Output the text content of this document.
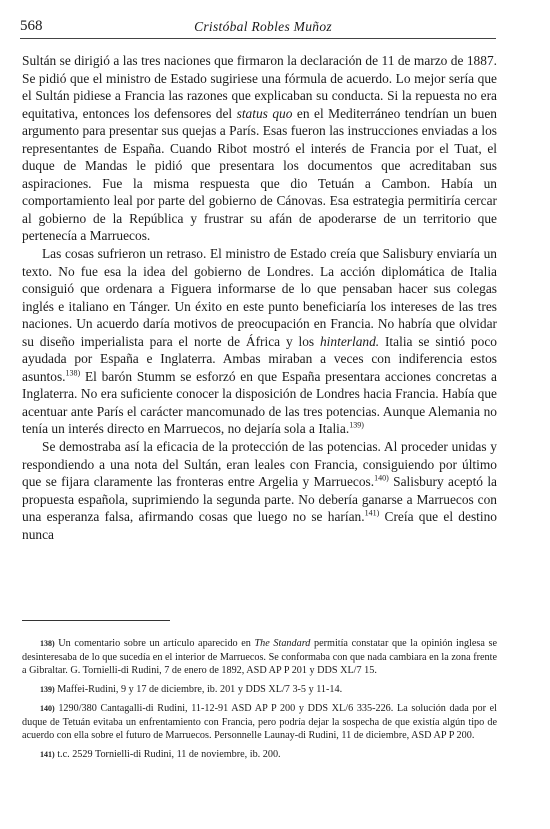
568	Cristóbal Robles Muñoz

Sultán se dirigió a las tres naciones que firmaron la declaración de 11 de marzo de 1887. Se pidió que el ministro de Estado sugiriese una fórmula de acuerdo. Lo mejor sería que el Sultán pidiese a Francia las razones que explicaban su conducta. Si la repuesta no era equitativa, entonces los defensores del status quo en el Mediterráneo tendrían un buen argumento para presentar sus quejas a París. Esas fueron las instrucciones enviadas a los representantes de España. Cuando Ribot mostró el interés de Francia por el Tuat, el duque de Mandas le pidió que presentara los documentos que acreditaban sus aspiraciones. Fue la misma respuesta que dio Tetuán a Cambon. Había un comportamiento leal por parte del gobierno de Cánovas. Esa estrategia permitiría cercar al gobierno de la República y frustrar su afán de apoderarse de un territorio que pertenecía a Marruecos.

Las cosas sufrieron un retraso. El ministro de Estado creía que Salisbury enviaría un texto. No fue esa la idea del gobierno de Londres. La acción diplomática de Italia consiguió que ordenara a Figuera informarse de lo que pensaban hacer sus colegas inglés e italiano en Tánger. Un éxito en este punto beneficiaría los intereses de las tres naciones. Un acuerdo daría motivos de preocupación en Francia. No habría que olvidar su diseño imperialista para el norte de África y los hinterland. Italia se sintió poco ayudada por España e Inglaterra. Ambas miraban a veces con indiferencia estos asuntos.$^{138)}$ El barón Stumm se esforzó en que España presentara acciones concretas a Inglaterra. No era suficiente conocer la disposición de Londres hacia Francia. Había que acentuar ante París el carácter mancomunado de las tres potencias. Aunque Alemania no tenía un interés directo en Marruecos, no dejaría sola a Italia.$^{139)}$

Se demostraba así la eficacia de la protección de las potencias. Al proceder unidas y respondiendo a una nota del Sultán, eran leales con Francia, consiguiendo por último que se fijara claramente las fronteras entre Argelia y Marruecos.$^{140)}$ Salisbury aceptó la propuesta española, suprimiendo la segunda parte. No debería ganarse a Marruecos con una esperanza falsa, afirmando cosas que luego no se harían.$^{141)}$ Creía que el destino nunca

138) Un comentario sobre un artículo aparecido en The Standard permitía constatar que la opinión inglesa se desinteresaba de lo que sucedía en el interior de Marruecos. Se conformaba con que nada cambiara en la zona frente a Gibraltar. G. Tornielli-di Rudini, 7 de enero de 1892, ASD AP P 201 y DDS XL/7 15.

139) Maffei-Rudini, 9 y 17 de diciembre, ib. 201 y DDS XL/7 3-5 y 11-14.

140) 1290/380 Cantagalli-di Rudini, 11-12-91 ASD AP P 200 y DDS XL/6 335-226. La solución dada por el duque de Tetuán evitaba un enfrentamiento con Francia, pero podría dejar la sospecha de que existía algún tipo de acuerdo con ella sobre el futuro de Marruecos. Personnelle Launay-di Rudini, 11 de diciembre, ASD AP P 200.

141) t.c. 2529 Tornielli-di Rudini, 11 de noviembre, ib. 200.
